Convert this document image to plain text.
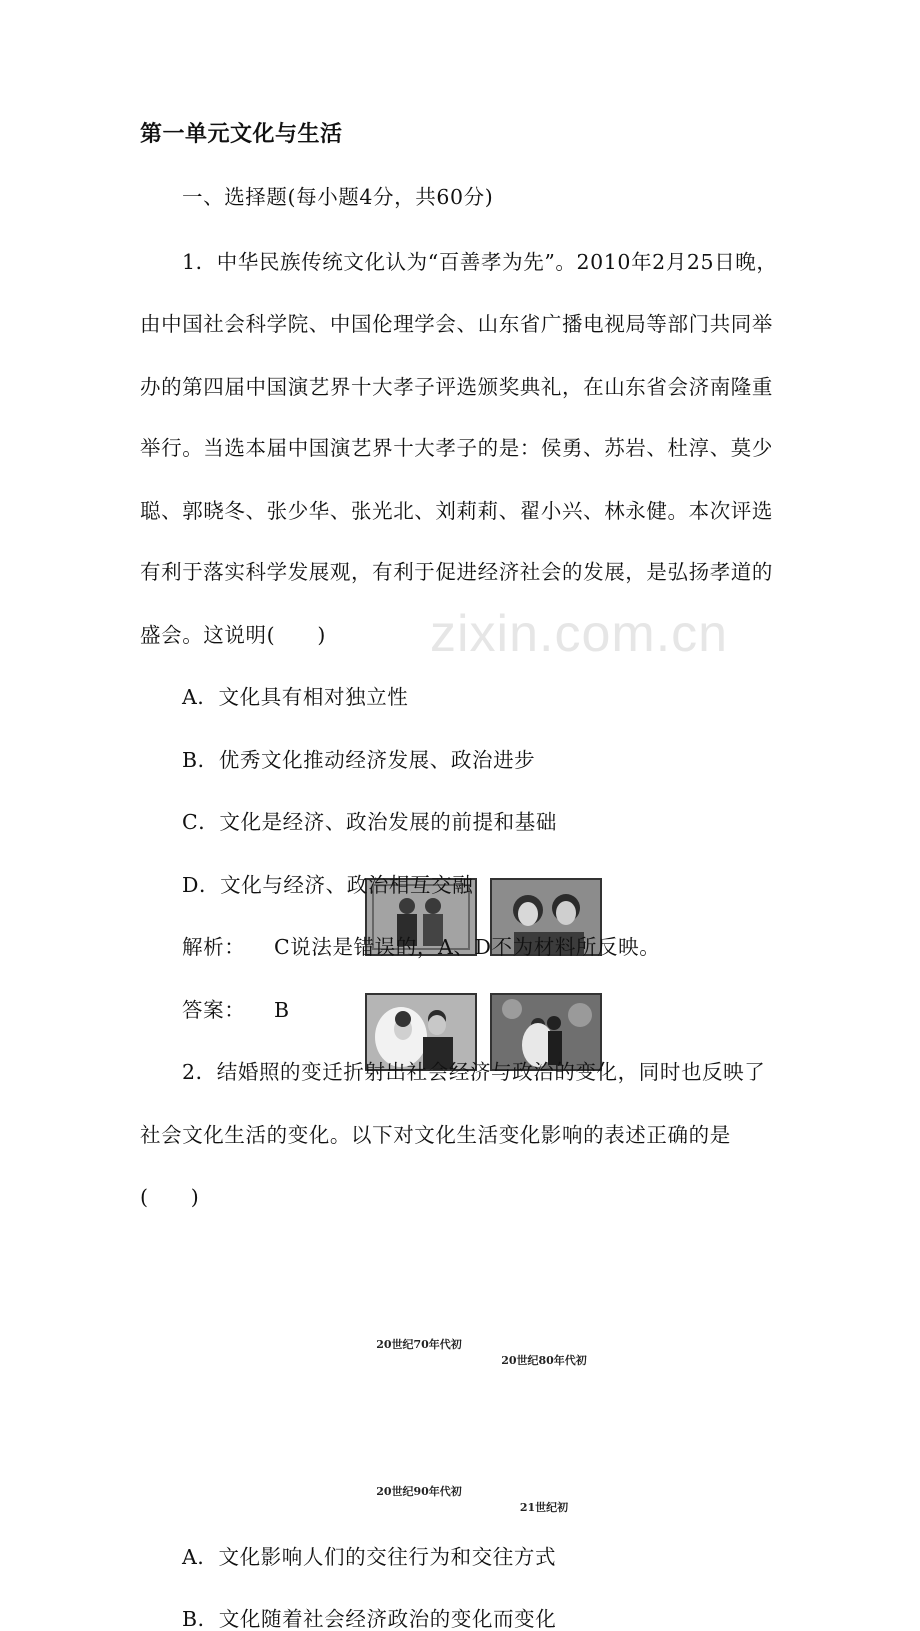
zixin.com.cn
第一单元文化与生活
一、选择题(每小题4分，共60分)
1．中华民族传统文化认为“百善孝为先”。2010年2月25日晚，
由中国社会科学院、中国伦理学会、山东省广播电视局等部门共同举
办的第四届中国演艺界十大孝子评选颁奖典礼，在山东省会济南隆重
举行。当选本届中国演艺界十大孝子的是：侯勇、苏岩、杜淳、莫少
聪、郭晓冬、张少华、张光北、刘莉莉、翟小兴、林永健。本次评选
有利于落实科学发展观，有利于促进经济社会的发展，是弘扬孝道的
盛会。这说明(　　)
A．文化具有相对独立性
B．优秀文化推动经济发展、政治进步
C．文化是经济、政治发展的前提和基础
D．文化与经济、政治相互交融
解析： C说法是错误的，A、D不为材料所反映。
答案： B
2．结婚照的变迁折射出社会经济与政治的变化，同时也反映了
社会文化生活的变化。以下对文化生活变化影响的表述正确的是
(　　)
20世纪70年代初
20世纪80年代初
20世纪90年代初
21世纪初
A．文化影响人们的交往行为和交往方式
B．文化随着社会经济政治的变化而变化
